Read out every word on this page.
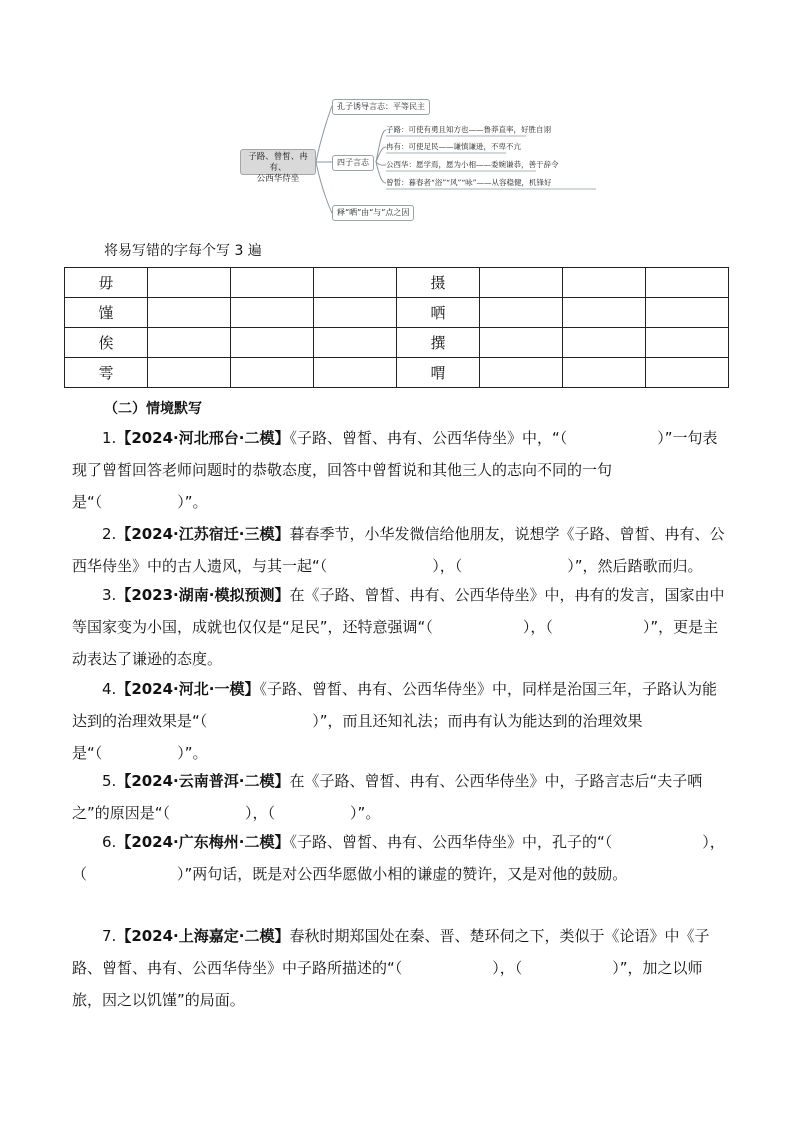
子路、曾皙、冉有、
公西华侍坐
孔子诱导言志：平等民主
四子言志
释“哂”由“与”点之因
子路：可使有勇且知方也——鲁莽直率，好胜自诩
冉有：可使足民——谦慎谦逊，不卑不亢
公西华：愿学焉，愿为小相——委婉谦恭，善于辞令
曾皙：暮春者“浴”“风”“咏”——从容稳健，机锋好
将易写错的字每个写 3 遍
毋				摄			
馑				哂			
俟				撰			
雩				喟			
（二）情境默写
1.【2024·河北邢台·二模】《子路、曾皙、冉有、公西华侍坐》中，“（　　　　　　）”一句表现了曾皙回答老师问题时的恭敬态度，回答中曾皙说和其他三人的志向不同的一句是“（　　　　　）”。
2.【2024·江苏宿迁·三模】暮春季节，小华发微信给他朋友，说想学《子路、曾皙、冉有、公西华侍坐》中的古人遗风，与其一起“（　　　　　　　），（　　　　　　　）”，然后踏歌而归。
3.【2023·湖南·模拟预测】在《子路、曾皙、冉有、公西华侍坐》中，冉有的发言，国家由中等国家变为小国，成就也仅仅是“足民”，还特意强调“（　　　　　　），（　　　　　　）”，更是主动表达了谦逊的态度。
4.【2024·河北·一模】《子路、曾皙、冉有、公西华侍坐》中，同样是治国三年，子路认为能达到的治理效果是“（　　　　　　　）”，而且还知礼法；而冉有认为能达到的治理效果是“（　　　　　）”。
5.【2024·云南普洱·二模】在《子路、曾皙、冉有、公西华侍坐》中，子路言志后“夫子哂之”的原因是“（　　　　　），（　　　　　）”。
6.【2024·广东梅州·二模】《子路、曾皙、冉有、公西华侍坐》中，孔子的“（　　　　　　），（　　　　　　）”两句话，既是对公西华愿做小相的谦虚的赞许，又是对他的鼓励。
7.【2024·上海嘉定·二模】春秋时期郑国处在秦、晋、楚环伺之下，类似于《论语》中《子路、曾皙、冉有、公西华侍坐》中子路所描述的“（　　　　　　），（　　　　　　）”，加之以师旅，因之以饥馑”的局面。
